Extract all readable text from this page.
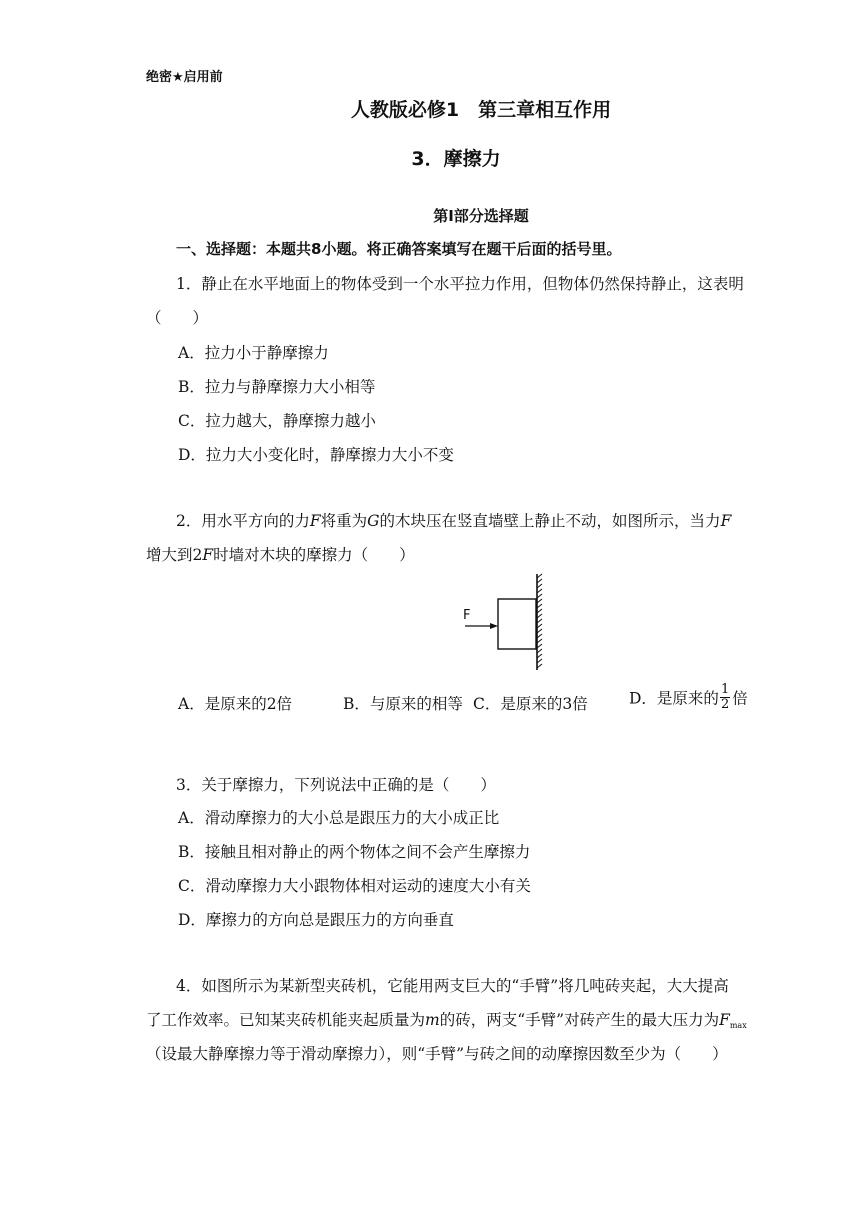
绝密★启用前
人教版必修1　第三章相互作用
3．摩擦力
第Ⅰ部分选择题
一、选择题：本题共8小题。将正确答案填写在题干后面的括号里。
1．静止在水平地面上的物体受到一个水平拉力作用，但物体仍然保持静止，这表明
（　　）
A．拉力小于静摩擦力
B．拉力与静摩擦力大小相等
C．拉力越大，静摩擦力越小
D．拉力大小变化时，静摩擦力大小不变
2．用水平方向的力F将重为G的木块压在竖直墙壁上静止不动，如图所示，当力F
增大到2F时墙对木块的摩擦力（　　）
F
A．是原来的2倍	B．与原来的相等 C．是原来的3倍	D．是原来的 $\frac{1}{2}$ 倍
3．关于摩擦力，下列说法中正确的是（　　）
A．滑动摩擦力的大小总是跟压力的大小成正比
B．接触且相对静止的两个物体之间不会产生摩擦力
C．滑动摩擦力大小跟物体相对运动的速度大小有关
D．摩擦力的方向总是跟压力的方向垂直
4．如图所示为某新型夹砖机，它能用两支巨大的“手臂”将几吨砖夹起，大大提高
了工作效率。已知某夹砖机能夹起质量为m的砖，两支“手臂”对砖产生的最大压力为$F_{max}$
（设最大静摩擦力等于滑动摩擦力），则“手臂”与砖之间的动摩擦因数至少为（　　）
